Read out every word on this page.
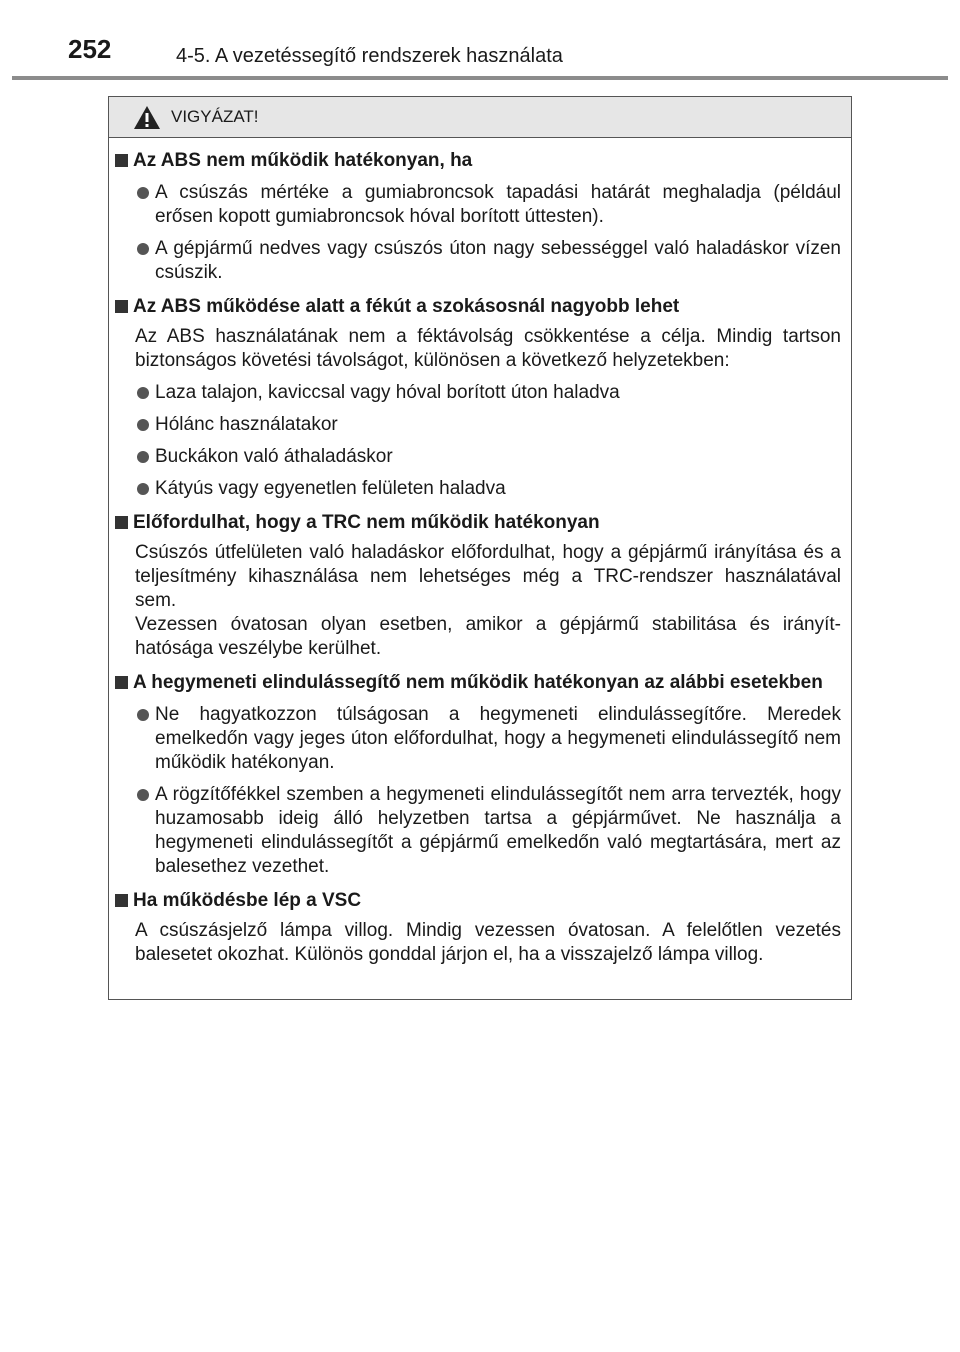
252	4-5. A vezetéssegítő rendszerek használata
VIGYÁZAT!
Az ABS nem működik hatékonyan, ha
A csúszás mértéke a gumiabroncsok tapadási határát meghaladja (például erősen kopott gumiabroncsok hóval borított úttesten).
A gépjármű nedves vagy csúszós úton nagy sebességgel való haladáskor vízen csúszik.
Az ABS működése alatt a fékút a szokásosnál nagyobb lehet
Az ABS használatának nem a féktávolság csökkentése a célja. Mindig tartson biztonságos követési távolságot, különösen a következő helyzetekben:
Laza talajon, kaviccsal vagy hóval borított úton haladva
Hólánc használatakor
Buckákon való áthaladáskor
Kátyús vagy egyenetlen felületen haladva
Előfordulhat, hogy a TRC nem működik hatékonyan
Csúszós útfelületen való haladáskor előfordulhat, hogy a gépjármű irányítása és a teljesítmény kihasználása nem lehetséges még a TRC-rendszer használatával sem.
Vezessen óvatosan olyan esetben, amikor a gépjármű stabilitása és irányíthatósága veszélybe kerülhet.
A hegymeneti elindulássegítő nem működik hatékonyan az alábbi esetekben
Ne hagyatkozzon túlságosan a hegymeneti elindulássegítőre. Meredek emelkedőn vagy jeges úton előfordulhat, hogy a hegymeneti elindulássegítő nem működik hatékonyan.
A rögzítőfékkel szemben a hegymeneti elindulássegítőt nem arra tervezték, hogy huzamosabb ideig álló helyzetben tartsa a gépjárművet. Ne használja a hegymeneti elindulássegítőt a gépjármű emelkedőn való megtartására, mert az balesethez vezethet.
Ha működésbe lép a VSC
A csúszásjelző lámpa villog. Mindig vezessen óvatosan. A felelőtlen vezetés balesetet okozhat. Különös gonddal járjon el, ha a visszajelző lámpa villog.
